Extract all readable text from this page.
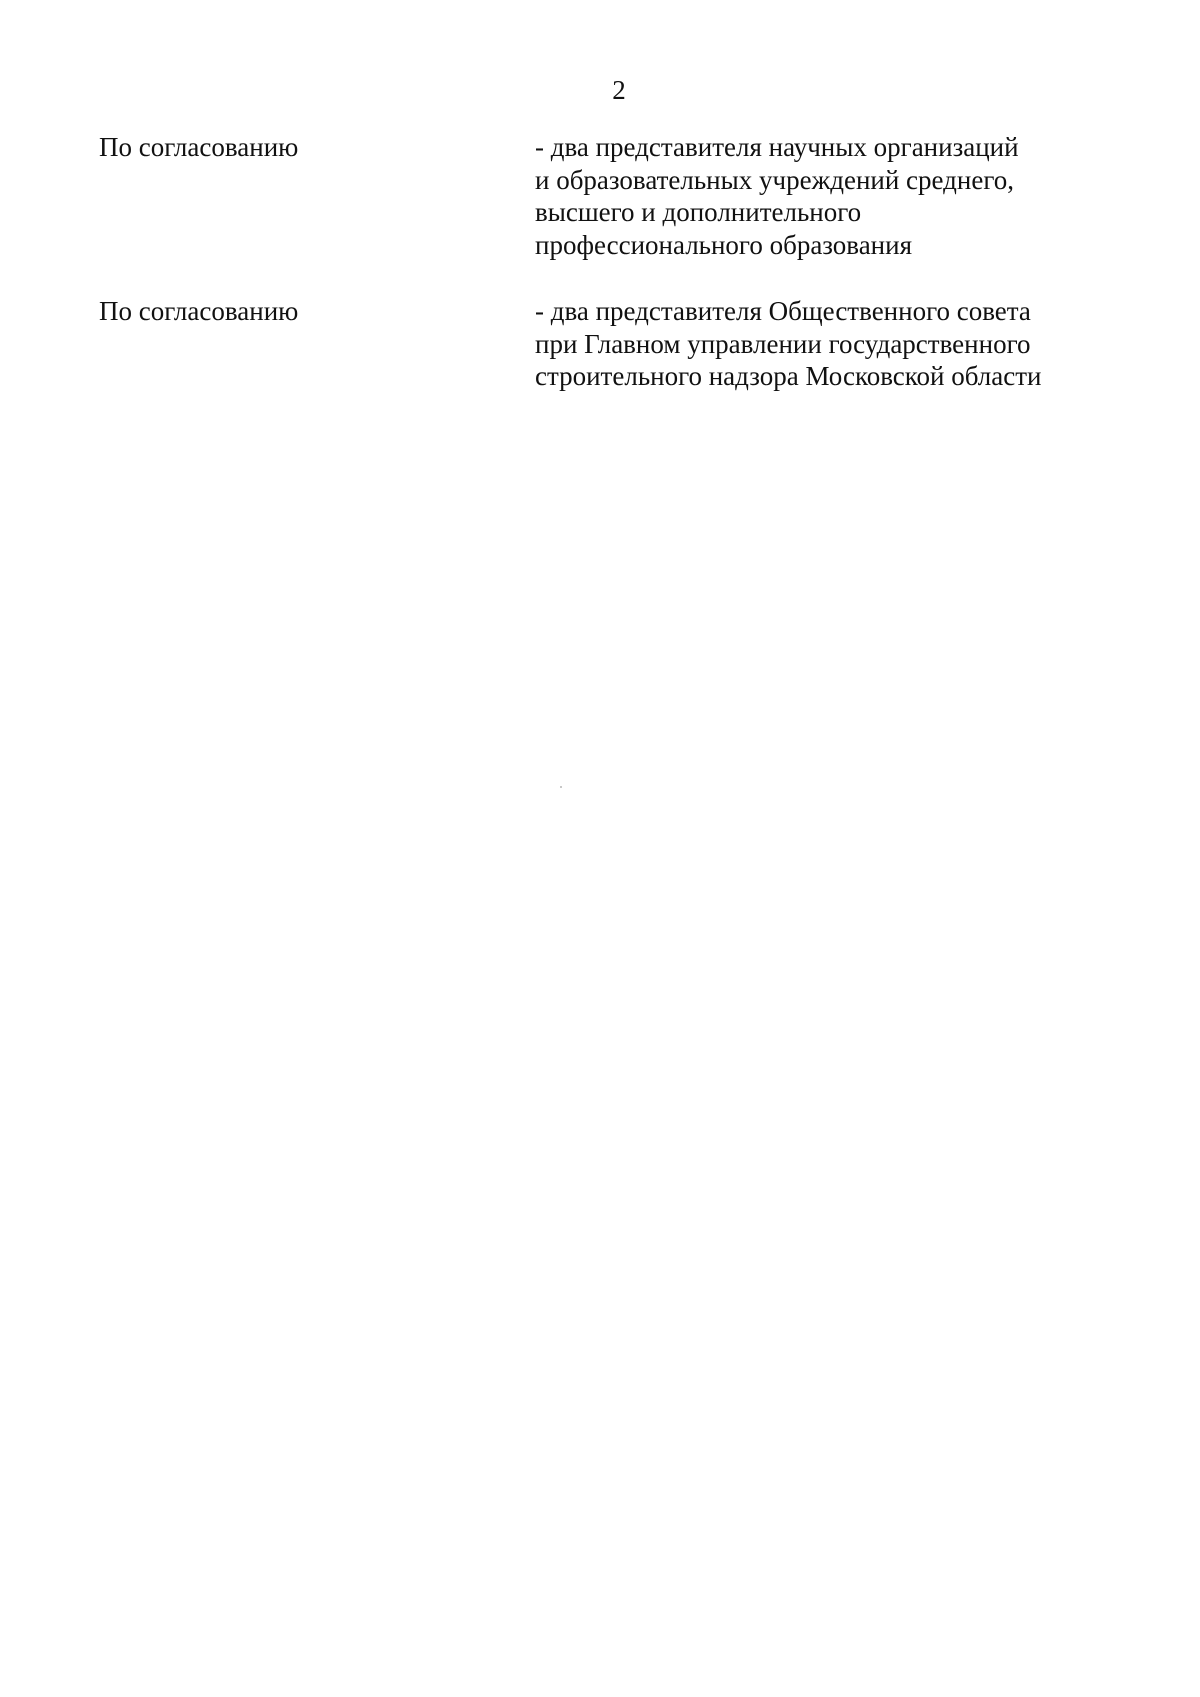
2
По согласованию	- два представителя научных организаций
и образовательных учреждений среднего,
высшего и дополнительного
профессионального образования
По согласованию	- два представителя Общественного совета
при Главном управлении государственного
строительного надзора Московской области
